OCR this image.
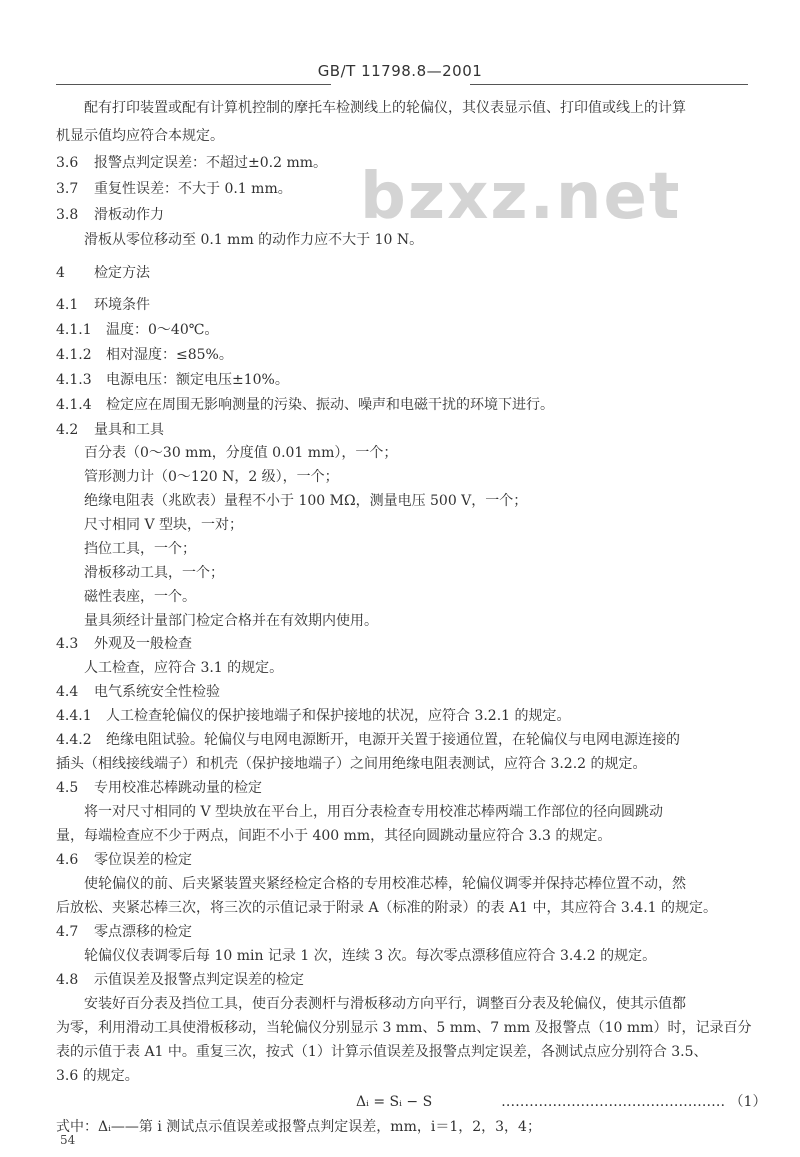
GB/T 11798.8—2001
bzxz.net
配有打印装置或配有计算机控制的摩托车检测线上的轮偏仪，其仪表显示值、打印值或线上的计算
机显示值均应符合本规定。
3.6 报警点判定误差：不超过±0.2 mm。
3.7 重复性误差：不大于 0.1 mm。
3.8 滑板动作力
滑板从零位移动至 0.1 mm 的动作力应不大于 10 N。
4 检定方法
4.1 环境条件
4.1.1 温度：0～40℃。
4.1.2 相对湿度：≤85%。
4.1.3 电源电压：额定电压±10%。
4.1.4 检定应在周围无影响测量的污染、振动、噪声和电磁干扰的环境下进行。
4.2 量具和工具
百分表（0～30 mm，分度值 0.01 mm），一个；
管形测力计（0～120 N，2 级），一个；
绝缘电阻表（兆欧表）量程不小于 100 MΩ，测量电压 500 V，一个；
尺寸相同 V 型块，一对；
挡位工具，一个；
滑板移动工具，一个；
磁性表座，一个。
量具须经计量部门检定合格并在有效期内使用。
4.3 外观及一般检查
人工检查，应符合 3.1 的规定。
4.4 电气系统安全性检验
4.4.1 人工检查轮偏仪的保护接地端子和保护接地的状况，应符合 3.2.1 的规定。
4.4.2 绝缘电阻试验。轮偏仪与电网电源断开，电源开关置于接通位置，在轮偏仪与电网电源连接的
插头（相线接线端子）和机壳（保护接地端子）之间用绝缘电阻表测试，应符合 3.2.2 的规定。
4.5 专用校准芯棒跳动量的检定
将一对尺寸相同的 V 型块放在平台上，用百分表检查专用校准芯棒两端工作部位的径向圆跳动
量，每端检查应不少于两点，间距不小于 400 mm，其径向圆跳动量应符合 3.3 的规定。
4.6 零位误差的检定
使轮偏仪的前、后夹紧装置夹紧经检定合格的专用校准芯棒，轮偏仪调零并保持芯棒位置不动，然
后放松、夹紧芯棒三次，将三次的示值记录于附录 A（标准的附录）的表 A1 中，其应符合 3.4.1 的规定。
4.7 零点漂移的检定
轮偏仪仪表调零后每 10 min 记录 1 次，连续 3 次。每次零点漂移值应符合 3.4.2 的规定。
4.8 示值误差及报警点判定误差的检定
安装好百分表及挡位工具，使百分表测杆与滑板移动方向平行，调整百分表及轮偏仪，使其示值都
为零，利用滑动工具使滑板移动，当轮偏仪分别显示 3 mm、5 mm、7 mm 及报警点（10 mm）时，记录百分
表的示值于表 A1 中。重复三次，按式（1）计算示值误差及报警点判定误差，各测试点应分别符合 3.5、
3.6 的规定。
Δᵢ = Sᵢ − S	………………………………………… （1）
式中：Δᵢ——第 i 测试点示值误差或报警点判定误差，mm，i＝1，2，3，4；
54
